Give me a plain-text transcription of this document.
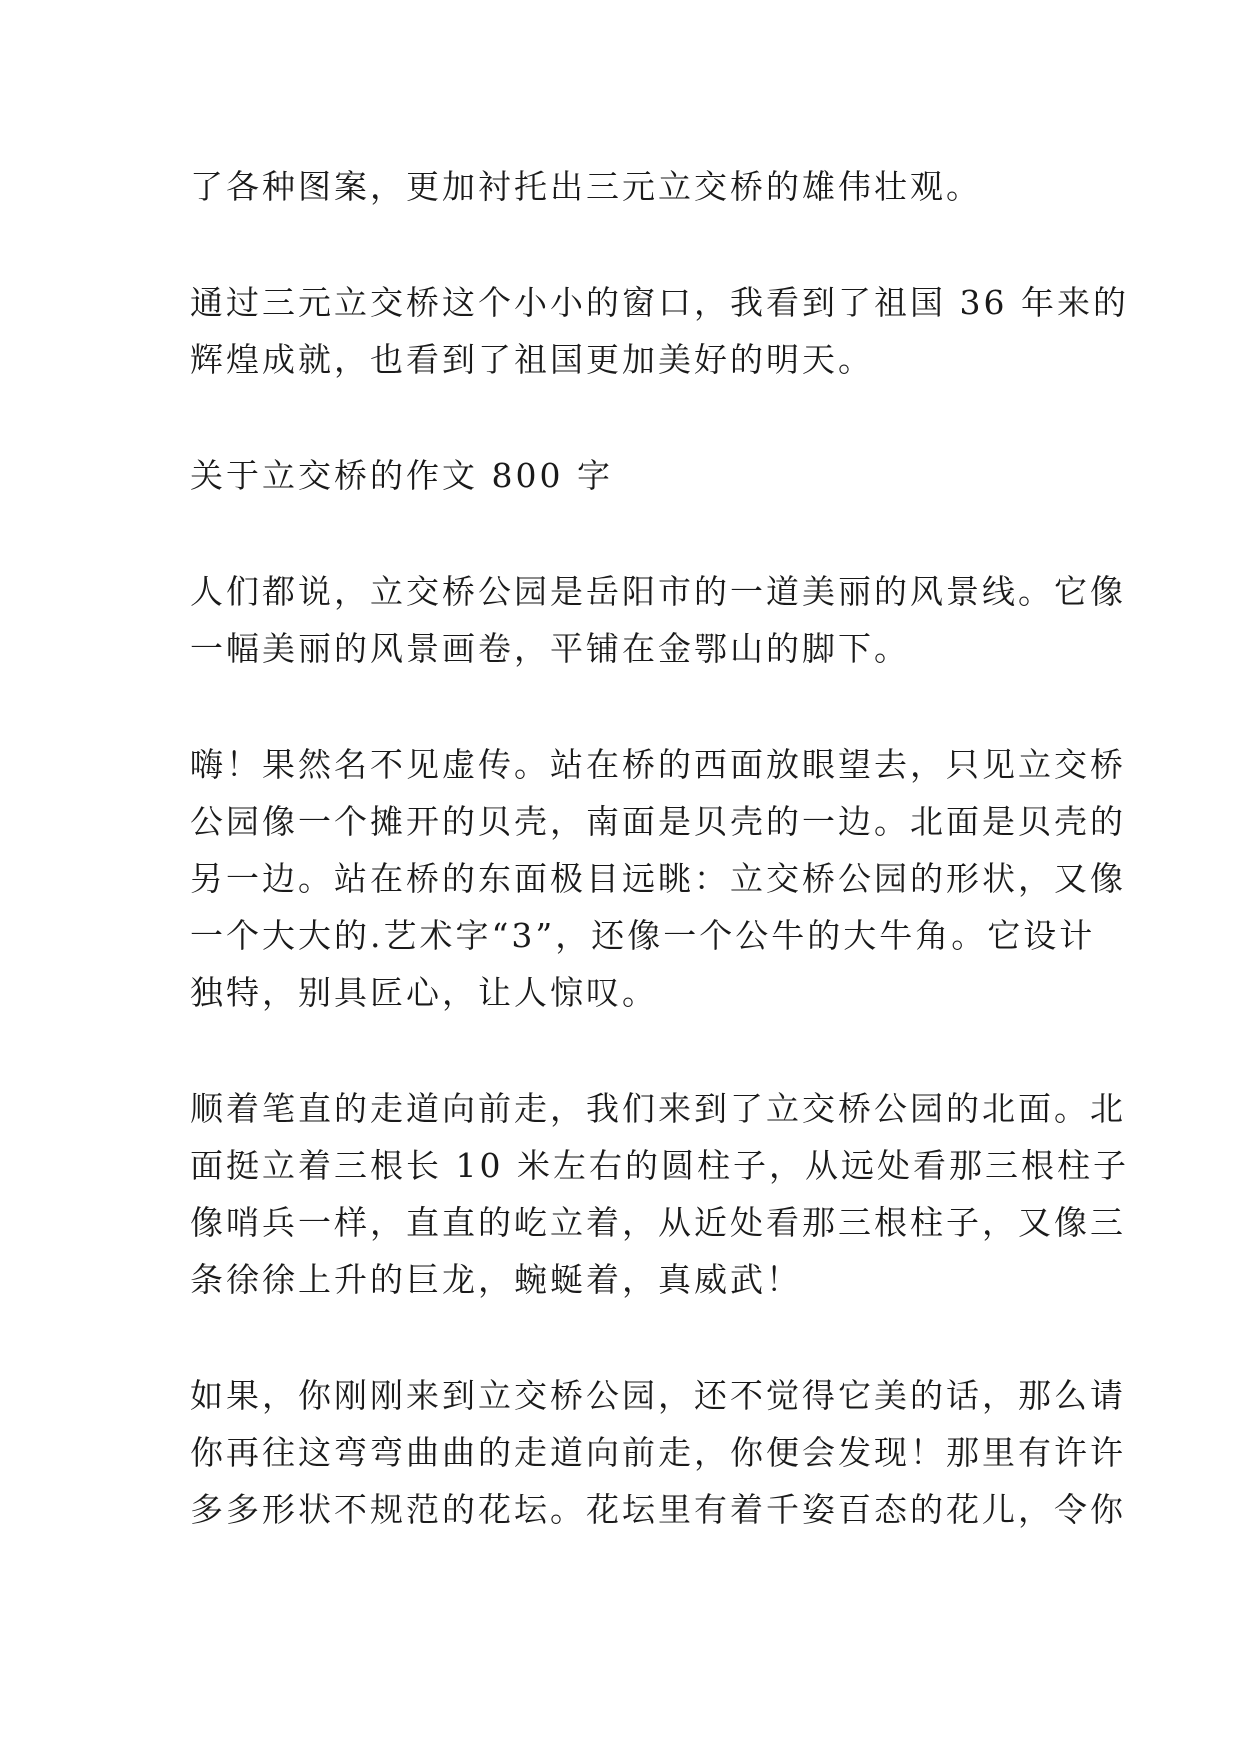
了各种图案，更加衬托出三元立交桥的雄伟壮观。
通过三元立交桥这个小小的窗口，我看到了祖国 36 年来的
辉煌成就，也看到了祖国更加美好的明天。
关于立交桥的作文 800 字
人们都说，立交桥公园是岳阳市的一道美丽的风景线。它像
一幅美丽的风景画卷，平铺在金鄂山的脚下。
嗨！果然名不见虚传。站在桥的西面放眼望去，只见立交桥
公园像一个摊开的贝壳，南面是贝壳的一边。北面是贝壳的
另一边。站在桥的东面极目远眺：立交桥公园的形状，又像
一个大大的.艺术字“3”，还像一个公牛的大牛角。它设计
独特，别具匠心，让人惊叹。
顺着笔直的走道向前走，我们来到了立交桥公园的北面。北
面挺立着三根长 10 米左右的圆柱子，从远处看那三根柱子
像哨兵一样，直直的屹立着，从近处看那三根柱子，又像三
条徐徐上升的巨龙，蜿蜒着，真威武！
如果，你刚刚来到立交桥公园，还不觉得它美的话，那么请
你再往这弯弯曲曲的走道向前走，你便会发现！那里有许许
多多形状不规范的花坛。花坛里有着千姿百态的花儿，令你
